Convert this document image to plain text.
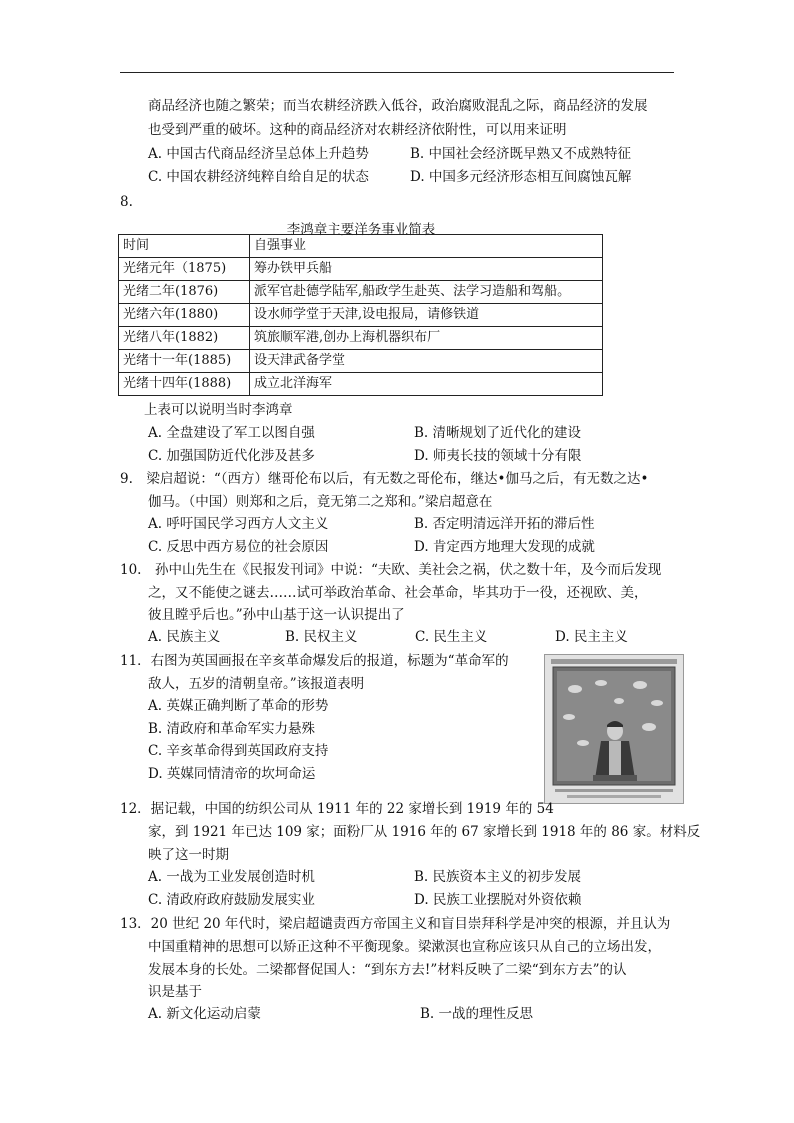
商品经济也随之繁荣；而当农耕经济跌入低谷，政治腐败混乱之际，商品经济的发展
也受到严重的破坏。这种的商品经济对农耕经济依附性，可以用来证明
A. 中国古代商品经济呈总体上升趋势	B. 中国社会经济既早熟又不成熟特征
C. 中国农耕经济纯粹自给自足的状态	D. 中国多元经济形态相互间腐蚀瓦解
8.
李鸿章主要洋务事业简表
时间	自强事业
光绪元年（1875)	筹办铁甲兵船
光绪二年(1876)	派军官赴德学陆军,船政学生赴英、法学习造船和驾船。
光绪六年(1880)	设水师学堂于天津,设电报局，请修铁道
光绪八年(1882)	筑旅顺军港,创办上海机器织布厂
光绪十一年(1885)	设天津武备学堂
光绪十四年(1888)	成立北洋海军
上表可以说明当时李鸿章
A. 全盘建设了军工以图自强	B. 清晰规划了近代化的建设
C. 加强国防近代化涉及甚多	D. 师夷长技的领域十分有限
9.　梁启超说：“（西方）继哥伦布以后，有无数之哥伦布，继达•伽马之后，有无数之达•
伽马。（中国）则郑和之后，竟无第二之郑和。”梁启超意在
A. 呼吁国民学习西方人文主义	B. 否定明清远洋开拓的滞后性
C. 反思中西方易位的社会原因	D. 肯定西方地理大发现的成就
10.　孙中山先生在《民报发刊词》中说：“夫欧、美社会之祸，伏之数十年，及今而后发现
之，又不能使之谜去……试可举政治革命、社会革命，毕其功于一役，还视欧、美，
彼且瞠乎后也。”孙中山基于这一认识提出了
A. 民族主义	B. 民权主义	C. 民生主义	D. 民主主义
11．右图为英国画报在辛亥革命爆发后的报道，标题为“革命军的
敌人，五岁的清朝皇帝。”该报道表明
A. 英媒正确判断了革命的形势
B. 清政府和革命军实力悬殊
C. 辛亥革命得到英国政府支持
D. 英媒同情清帝的坎坷命运
12．据记载，中国的纺织公司从 1911 年的 22 家增长到 1919 年的 54
家，到 1921 年已达 109 家；面粉厂从 1916 年的 67 家增长到 1918 年的 86 家。材料反
映了这一时期
A. 一战为工业发展创造时机	B. 民族资本主义的初步发展
C. 清政府政府鼓励发展实业	D. 民族工业摆脱对外资依赖
13．20 世纪 20 年代时，梁启超谴责西方帝国主义和盲目崇拜科学是冲突的根源，并且认为
中国重精神的思想可以矫正这种不平衡现象。梁漱溟也宣称应该只从自己的立场出发，
发展本身的长处。二梁都督促国人：“到东方去!”材料反映了二梁“到东方去”的认
识是基于
A. 新文化运动启蒙	B. 一战的理性反思
